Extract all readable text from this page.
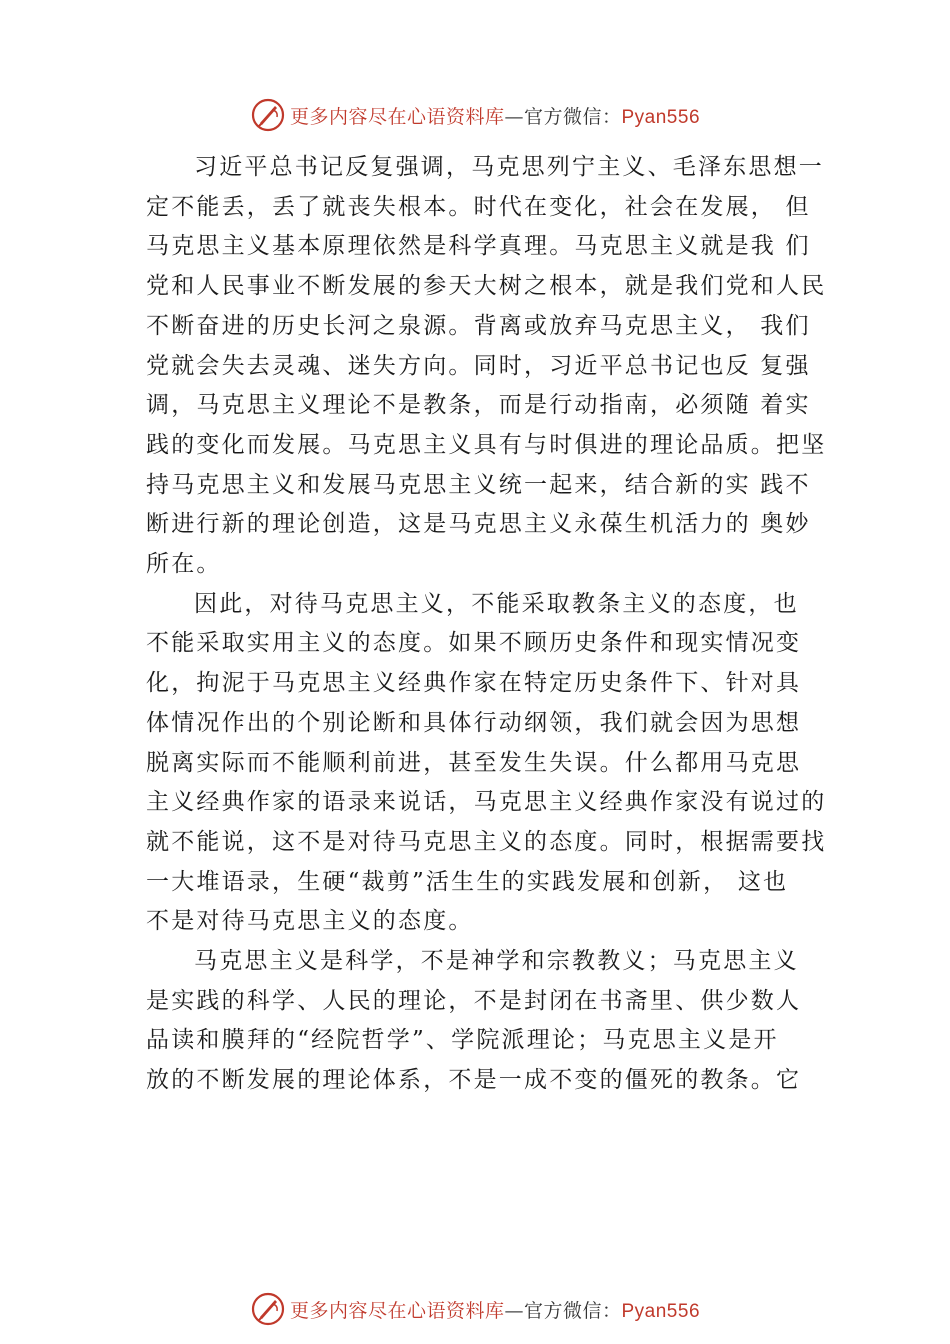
更多内容尽在心语资料库—官方微信：Pyan556

习近平总书记反复强调，马克思列宁主义、毛泽东思想一
定不能丢，丢了就丧失根本。时代在变化，社会在发展， 但
马克思主义基本原理依然是科学真理。马克思主义就是我 们
党和人民事业不断发展的参天大树之根本，就是我们党和人民
不断奋进的历史长河之泉源。背离或放弃马克思主义， 我们
党就会失去灵魂、迷失方向。同时，习近平总书记也反 复强
调，马克思主义理论不是教条，而是行动指南，必须随 着实
践的变化而发展。马克思主义具有与时俱进的理论品质。把坚
持马克思主义和发展马克思主义统一起来，结合新的实 践不
断进行新的理论创造，这是马克思主义永葆生机活力的 奥妙
所在。

因此，对待马克思主义，不能采取教条主义的态度，也
不能采取实用主义的态度。如果不顾历史条件和现实情况变
化，拘泥于马克思主义经典作家在特定历史条件下、针对具
体情况作出的个别论断和具体行动纲领，我们就会因为思想
脱离实际而不能顺利前进，甚至发生失误。什么都用马克思
主义经典作家的语录来说话，马克思主义经典作家没有说过的
就不能说，这不是对待马克思主义的态度。同时，根据需要找
一大堆语录，生硬“裁剪”活生生的实践发展和创新， 这也
不是对待马克思主义的态度。

马克思主义是科学，不是神学和宗教教义；马克思主义
是实践的科学、人民的理论，不是封闭在书斋里、供少数人
品读和膜拜的“经院哲学”、学院派理论；马克思主义是开
放的不断发展的理论体系，不是一成不变的僵死的教条。它

更多内容尽在心语资料库—官方微信：Pyan556
